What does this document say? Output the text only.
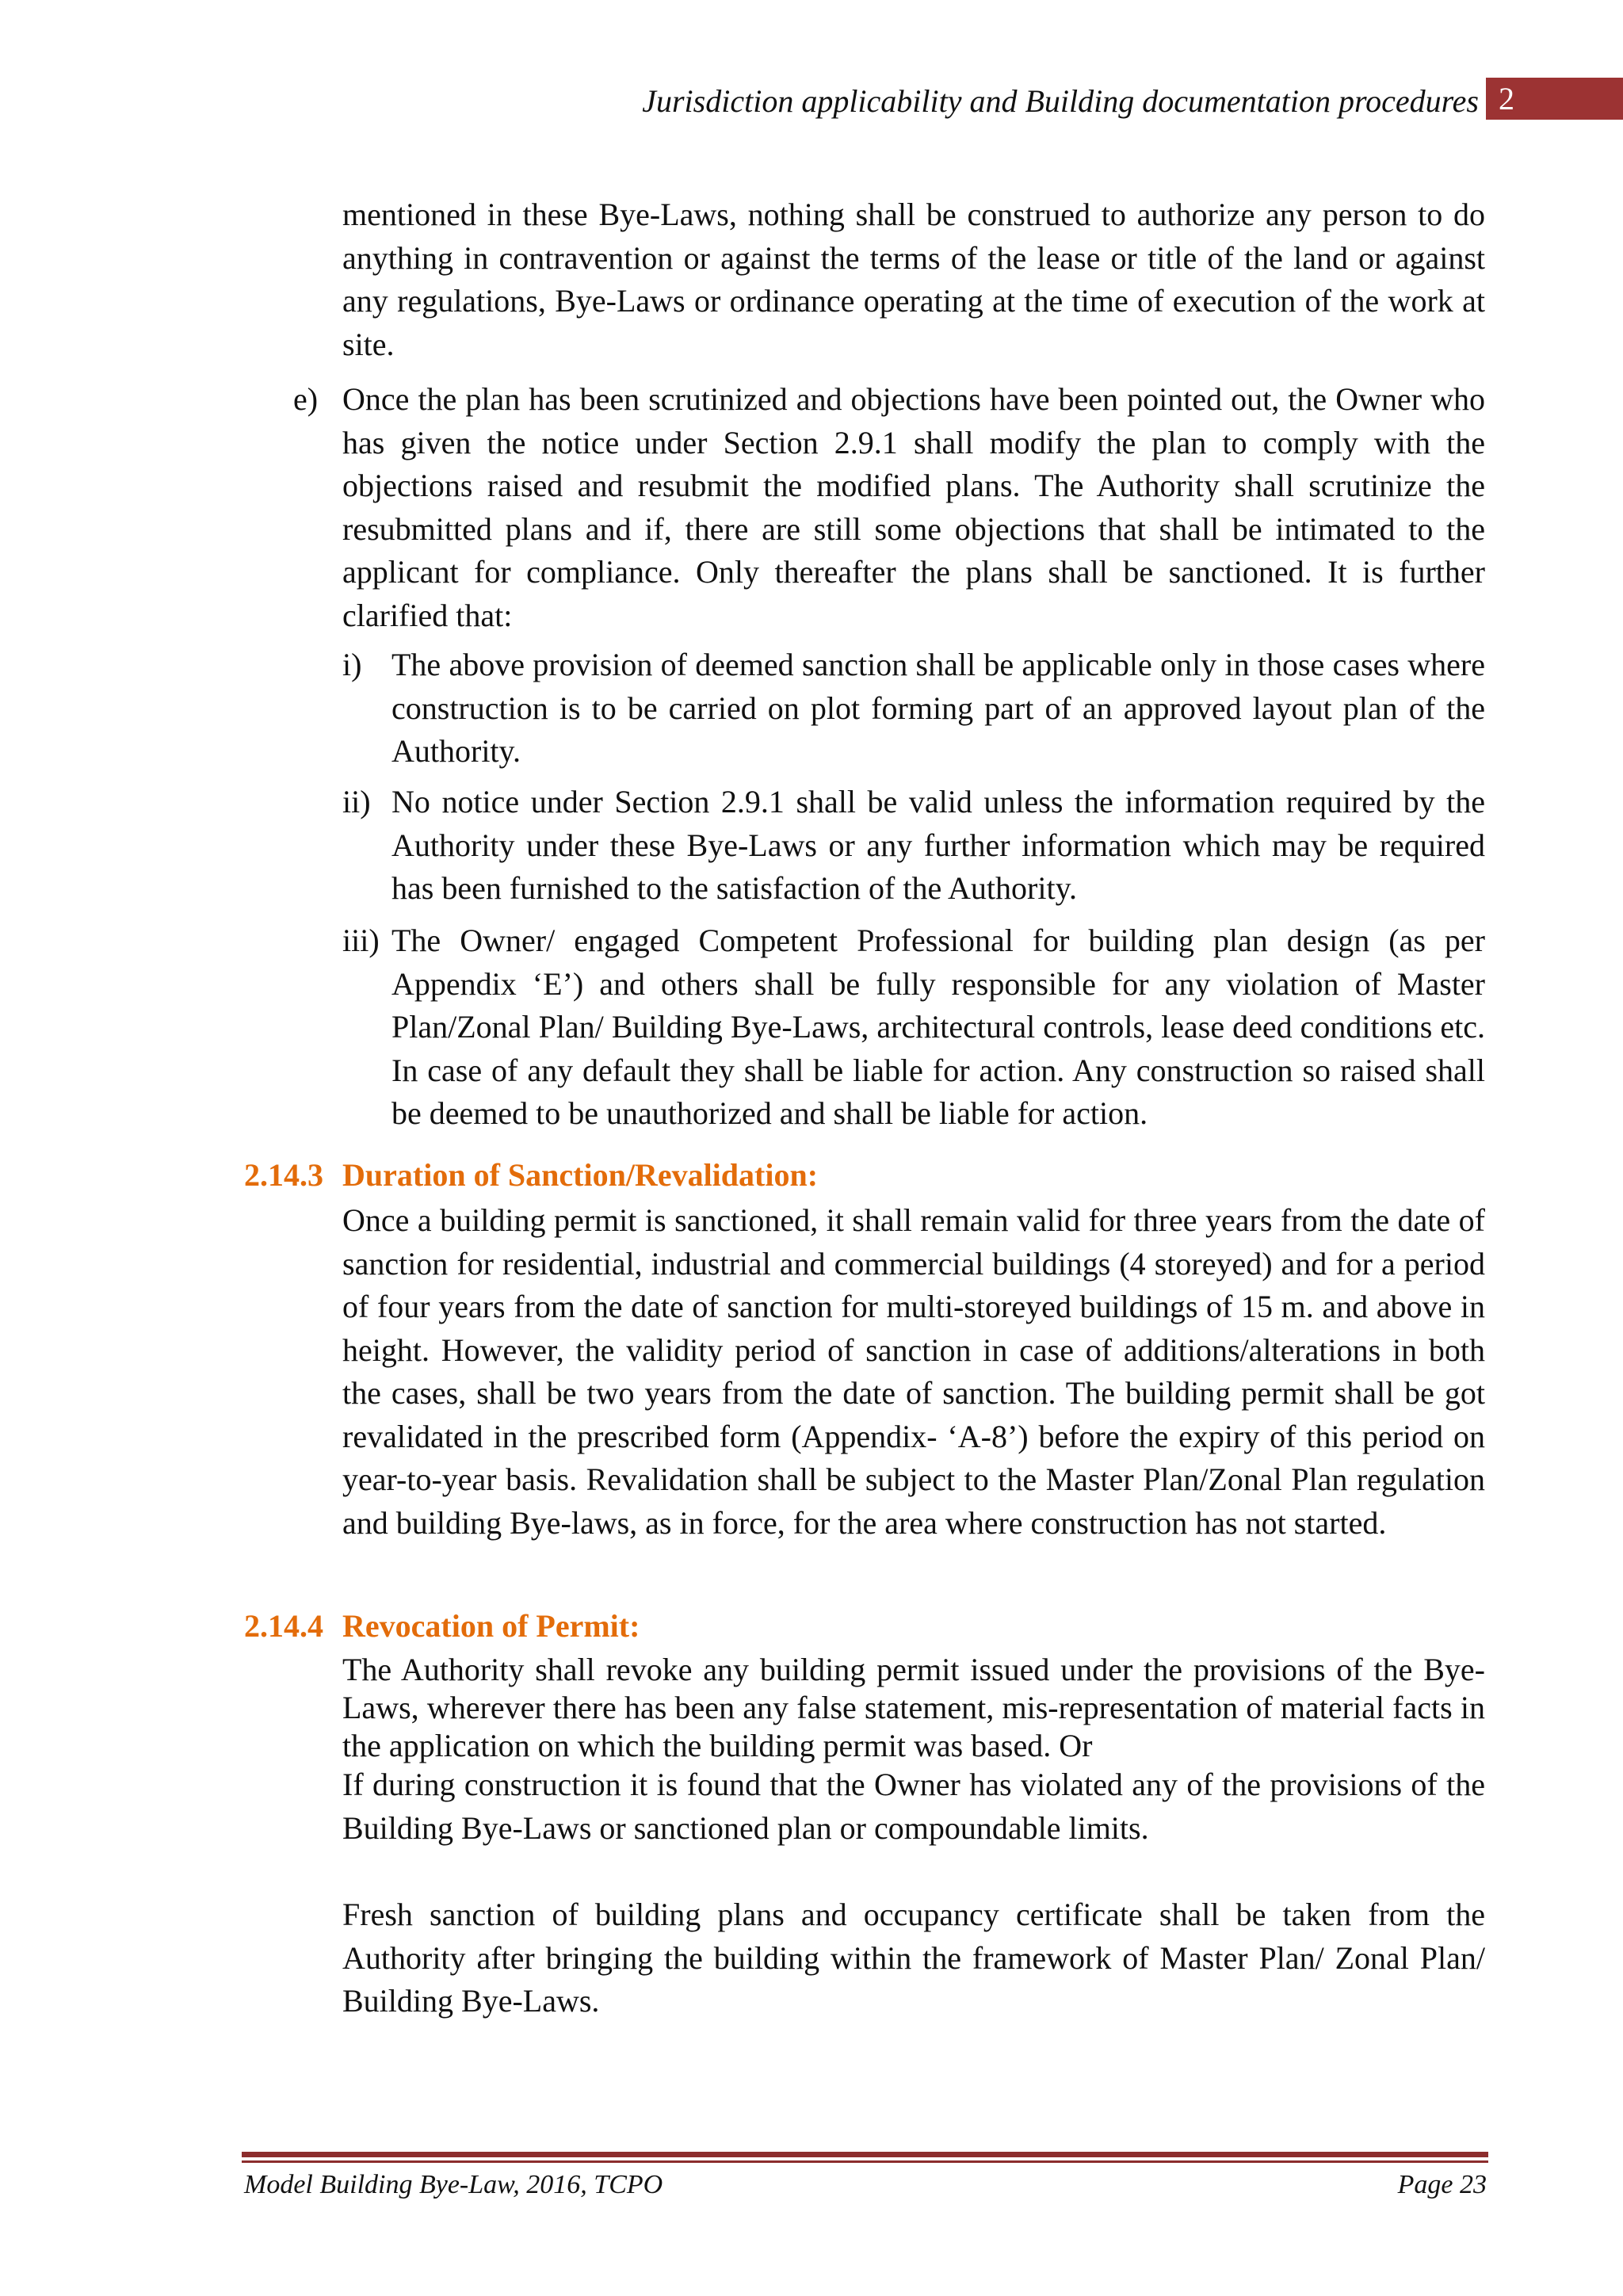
Jurisdiction applicability and Building documentation procedures 2

mentioned in these Bye-Laws, nothing shall be construed to authorize any person to do anything in contravention or against the terms of the lease or title of the land or against any regulations, Bye-Laws or ordinance operating at the time of execution of the work at site.

e) Once the plan has been scrutinized and objections have been pointed out, the Owner who has given the notice under Section 2.9.1 shall modify the plan to comply with the objections raised and resubmit the modified plans. The Authority shall scrutinize the resubmitted plans and if, there are still some objections that shall be intimated to the applicant for compliance. Only thereafter the plans shall be sanctioned. It is further clarified that:

i) The above provision of deemed sanction shall be applicable only in those cases where construction is to be carried on plot forming part of an approved layout plan of the Authority.

ii) No notice under Section 2.9.1 shall be valid unless the information required by the Authority under these Bye-Laws or any further information which may be required has been furnished to the satisfaction of the Authority.

iii) The Owner/ engaged Competent Professional for building plan design (as per Appendix ‘E’) and others shall be fully responsible for any violation of Master Plan/Zonal Plan/ Building Bye-Laws, architectural controls, lease deed conditions etc. In case of any default they shall be liable for action. Any construction so raised shall be deemed to be unauthorized and shall be liable for action.

2.14.3 Duration of Sanction/Revalidation:

Once a building permit is sanctioned, it shall remain valid for three years from the date of sanction for residential, industrial and commercial buildings (4 storeyed) and for a period of four years from the date of sanction for multi-storeyed buildings of 15 m. and above in height. However, the validity period of sanction in case of additions/alterations in both the cases, shall be two years from the date of sanction. The building permit shall be got revalidated in the prescribed form (Appendix- ‘A-8’) before the expiry of this period on year-to-year basis. Revalidation shall be subject to the Master Plan/Zonal Plan regulation and building Bye-laws, as in force, for the area where construction has not started.

2.14.4 Revocation of Permit:

The Authority shall revoke any building permit issued under the provisions of the Bye-Laws, wherever there has been any false statement, mis-representation of material facts in the application on which the building permit was based. Or

If during construction it is found that the Owner has violated any of the provisions of the Building Bye-Laws or sanctioned plan or compoundable limits.

Fresh sanction of building plans and occupancy certificate shall be taken from the Authority after bringing the building within the framework of Master Plan/ Zonal Plan/ Building Bye-Laws.

Model Building Bye-Law, 2016, TCPO	Page 23
